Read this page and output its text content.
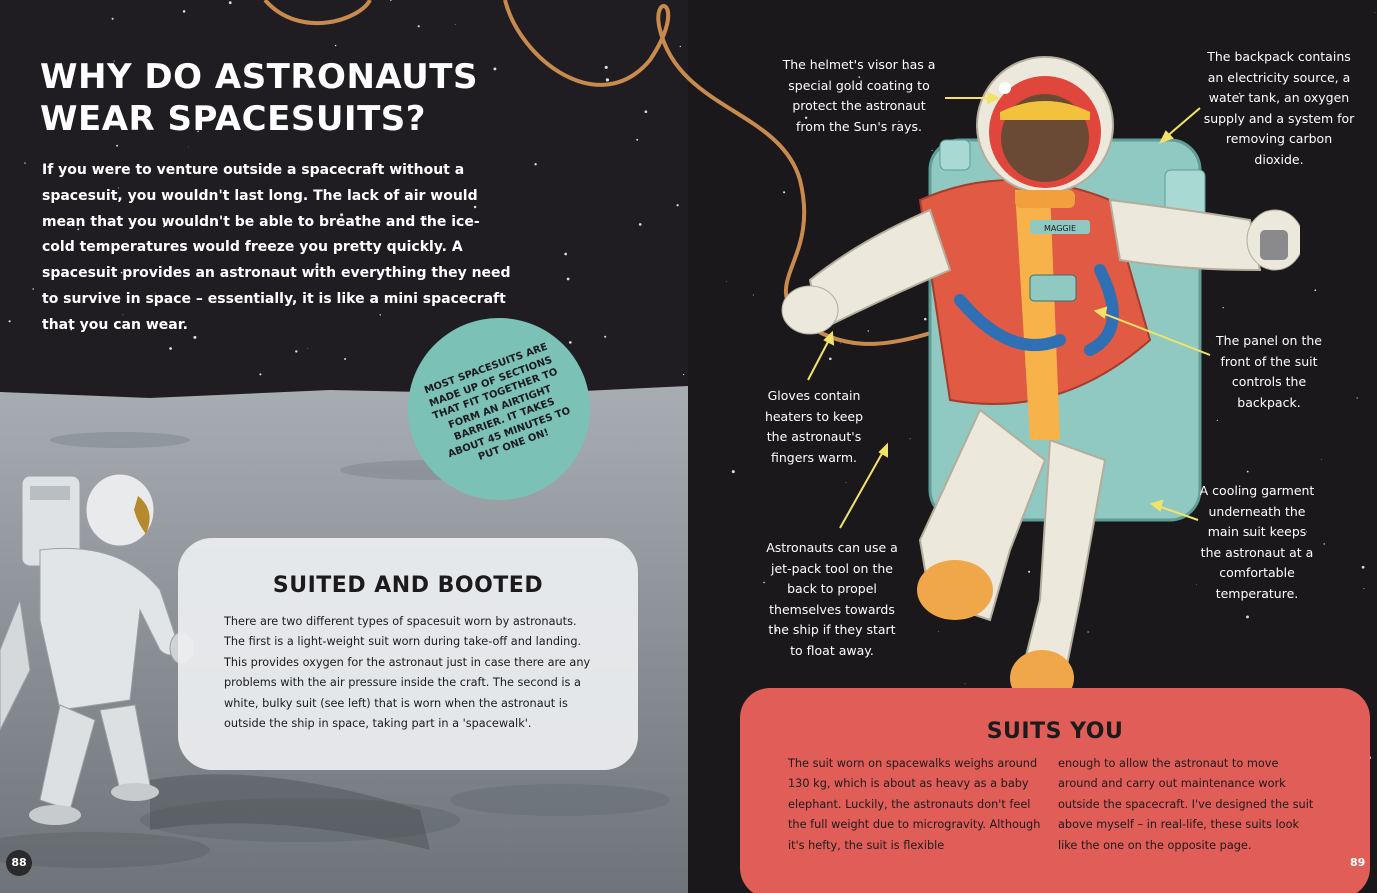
WHY DO ASTRONAUTS
WEAR SPACESUITS?

If you were to venture outside a spacecraft without a spacesuit, you wouldn't last long. The lack of air would mean that you wouldn't be able to breathe and the ice-cold temperatures would freeze you pretty quickly. A spacesuit provides an astronaut with everything they need to survive in space – essentially, it is like a mini spacecraft that you can wear.

MOST SPACESUITS ARE MADE UP OF SECTIONS THAT FIT TOGETHER TO FORM AN AIRTIGHT BARRIER. IT TAKES ABOUT 45 MINUTES TO PUT ONE ON!

SUITED AND BOOTED

There are two different types of spacesuit worn by astronauts. The first is a light-weight suit worn during take-off and landing. This provides oxygen for the astronaut just in case there are any problems with the air pressure inside the craft. The second is a white, bulky suit (see left) that is worn when the astronaut is outside the ship in space, taking part in a 'spacewalk'.

88
MAGGIE

The helmet's visor has a special gold coating to protect the astronaut from the Sun's rays.

The backpack contains an electricity source, a water tank, an oxygen supply and a system for removing carbon dioxide.

The panel on the front of the suit controls the backpack.

Gloves contain heaters to keep the astronaut's fingers warm.

A cooling garment underneath the main suit keeps the astronaut at a comfortable temperature.

Astronauts can use a jet-pack tool on the back to propel themselves towards the ship if they start to float away.

SUITS YOU

The suit worn on spacewalks weighs around 130 kg, which is about as heavy as a baby elephant. Luckily, the astronauts don't feel the full weight due to microgravity. Although it's hefty, the suit is flexible

enough to allow the astronaut to move around and carry out maintenance work outside the spacecraft. I've designed the suit above myself – in real-life, these suits look like the one on the opposite page.

89
